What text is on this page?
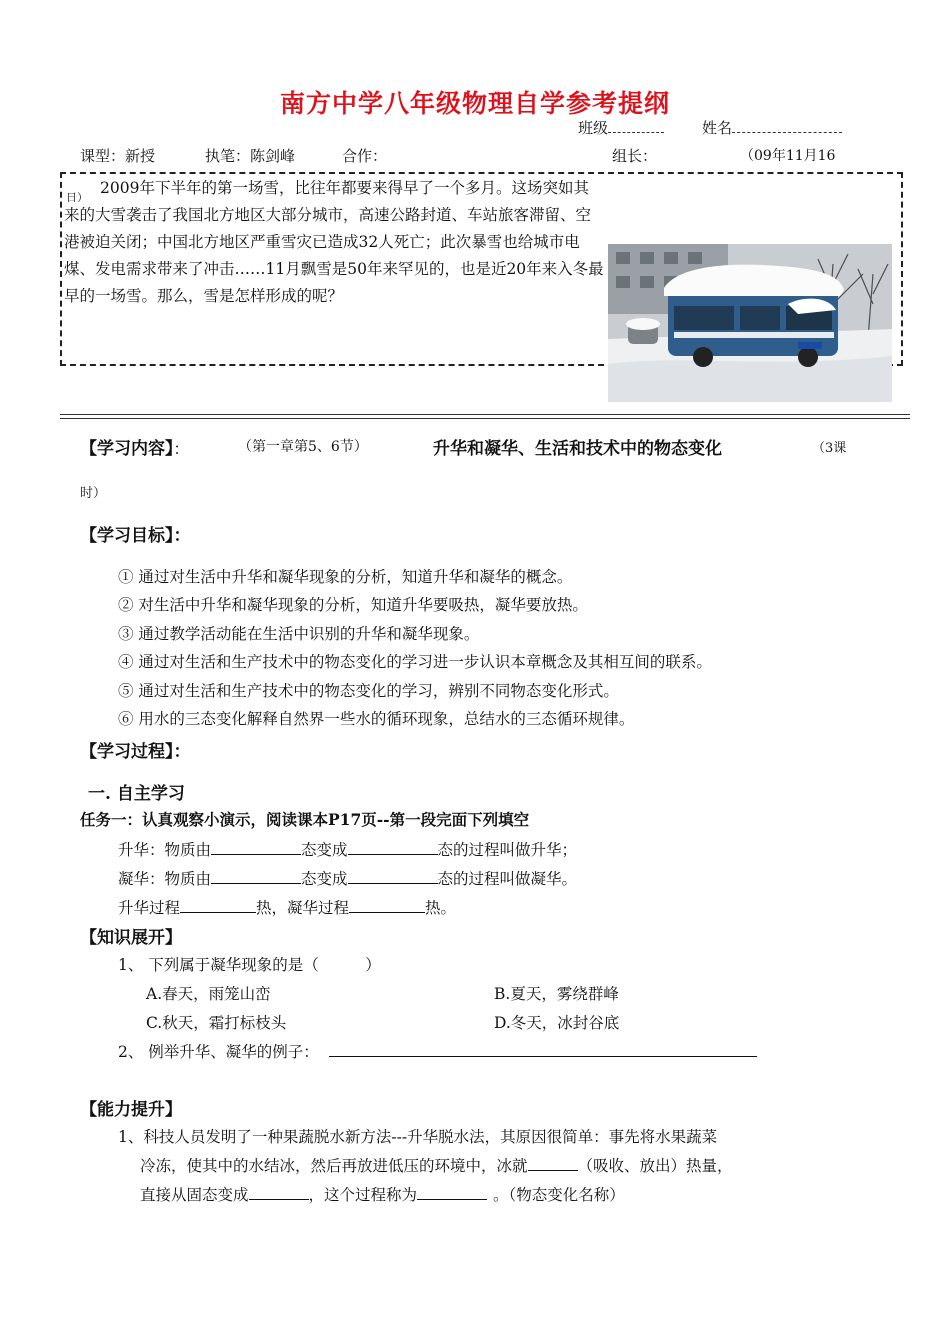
南方中学八年级物理自学参考提纲
班级	姓名
课型：新授	执笔：陈剑峰	合作：	组长：	（09年11月16
日）
2009年下半年的第一场雪，比往年都要来得早了一个多月。这场突如其来的大雪袭击了我国北方地区大部分城市，高速公路封道、车站旅客滞留、空港被迫关闭；中国北方地区严重雪灾已造成32人死亡；此次暴雪也给城市电煤、发电需求带来了冲击……11月飘雪是50年来罕见的，也是近20年来入冬最早的一场雪。那么，雪是怎样形成的呢？
【学习内容】：	（第一章第5、6节）	升华和凝华、生活和技术中的物态变化	（3课
时）
【学习目标】：
① 通过对生活中升华和凝华现象的分析，知道升华和凝华的概念。
② 对生活中升华和凝华现象的分析，知道升华要吸热，凝华要放热。
③ 通过教学活动能在生活中识别的升华和凝华现象。
④ 通过对生活和生产技术中的物态变化的学习进一步认识本章概念及其相互间的联系。
⑤ 通过对生活和生产技术中的物态变化的学习，辨别不同物态变化形式。
⑥ 用水的三态变化解释自然界一些水的循环现象，总结水的三态循环规律。
【学习过程】：
一. 自主学习
任务一：认真观察小演示，阅读课本P17页--第一段完面下列填空
升华：物质由	态变成	态的过程叫做升华；
凝华：物质由	态变成	态的过程叫做凝华。
升华过程	热，凝华过程	热。
【知识展开】
1、 下列属于凝华现象的是（　　　）
A.春天，雨笼山峦	B.夏天，雾绕群峰
C.秋天，霜打标枝头	D.冬天，冰封谷底
2、 例举升华、凝华的例子：
【能力提升】
1、科技人员发明了一种果蔬脱水新方法---升华脱水法，其原因很简单：事先将水果蔬菜
冷冻，使其中的水结冰，然后再放进低压的环境中，冰就	（吸收、放出）热量，
直接从固态变成	，这个过程称为	。（物态变化名称）
